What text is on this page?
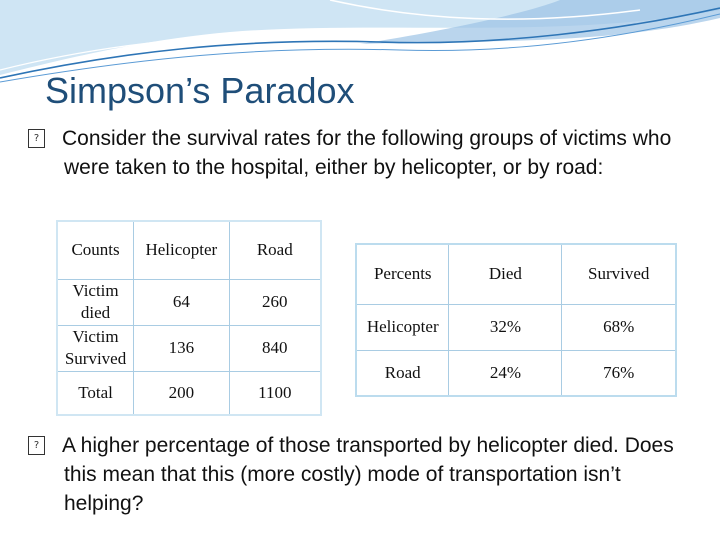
Simpson’s Paradox
? Consider the survival rates for the following groups of victims who were taken to the hospital, either by helicopter, or by road:
Counts	Helicopter	Road
Victim died	64	260
Victim Survived	136	840
Total	200	1100
Percents	Died	Survived
Helicopter	32%	68%
Road	24%	76%
? A higher percentage of those transported by helicopter died. Does this mean that this (more costly) mode of transportation isn’t helping?
